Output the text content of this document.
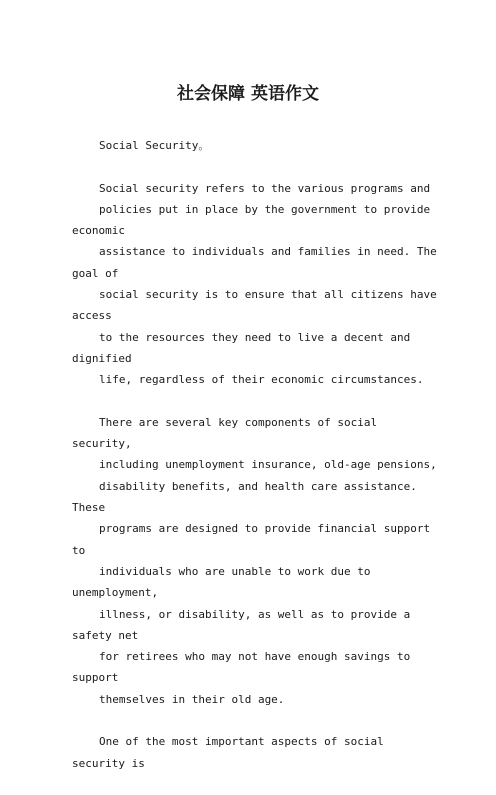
社会保障 英语作文

Social Security。

Social security refers to the various programs and
policies put in place by the government to provide economic
assistance to individuals and families in need. The goal of
social security is to ensure that all citizens have access
to the resources they need to live a decent and dignified
life, regardless of their economic circumstances.

There are several key components of social security,
including unemployment insurance, old-age pensions,
disability benefits, and health care assistance. These
programs are designed to provide financial support to
individuals who are unable to work due to unemployment,
illness, or disability, as well as to provide a safety net
for retirees who may not have enough savings to support
themselves in their old age.

One of the most important aspects of social security is
